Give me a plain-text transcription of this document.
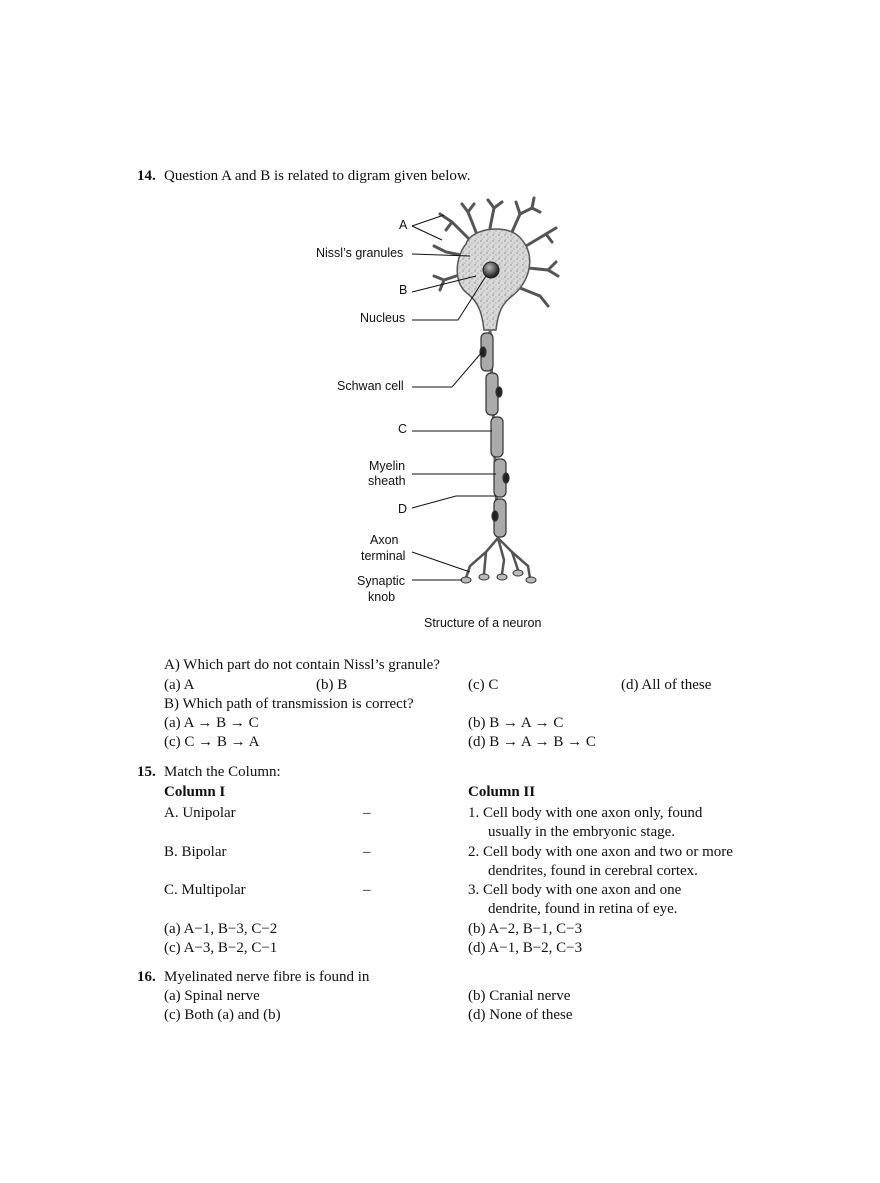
14. Question A and B is related to digram given below.
A
Nissl’s granules
B
Nucleus
Schwan cell
C
Myelin
sheath
D
Axon
terminal
Synaptic
knob
Structure of a neuron
A) Which part do not contain Nissl’s granule?
(a) A	(b) B	(c) C	(d) All of these
B) Which path of transmission is correct?
(a) A → B → C	(b) B → A → C
(c) C → B → A	(d) B → A → B → C
15. Match the Column:
Column I	Column II
A. Unipolar	–	1. Cell body with one axon only, found
usually in the embryonic stage.
B. Bipolar	–	2. Cell body with one axon and two or more
dendrites, found in cerebral cortex.
C. Multipolar	–	3. Cell body with one axon and one
dendrite, found in retina of eye.
(a) A−1, B−3, C−2	(b) A−2, B−1, C−3
(c) A−3, B−2, C−1	(d) A−1, B−2, C−3
16. Myelinated nerve fibre is found in
(a) Spinal nerve	(b) Cranial nerve
(c) Both (a) and (b)	(d) None of these
